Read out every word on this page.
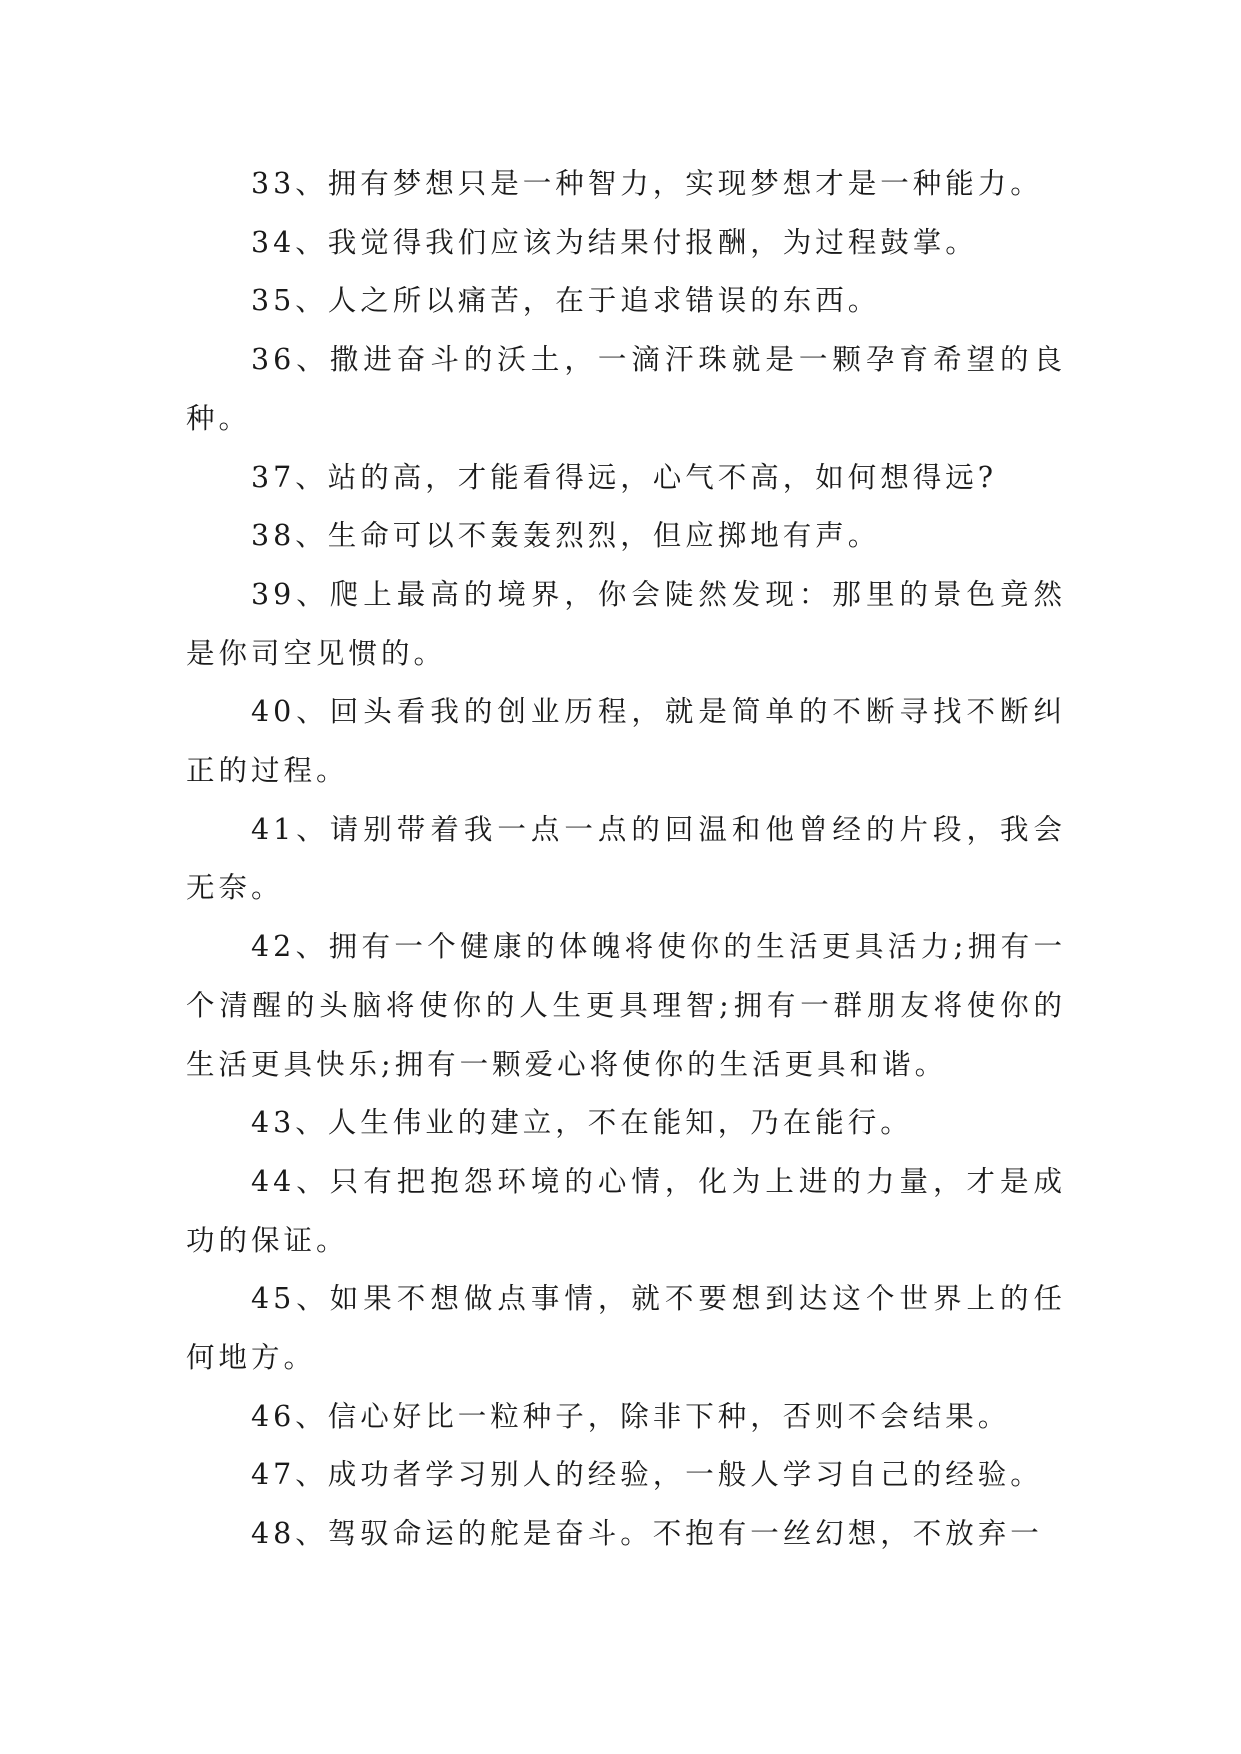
33、拥有梦想只是一种智力，实现梦想才是一种能力。

34、我觉得我们应该为结果付报酬，为过程鼓掌。

35、人之所以痛苦，在于追求错误的东西。

36、撒进奋斗的沃土，一滴汗珠就是一颗孕育希望的良种。

37、站的高，才能看得远，心气不高，如何想得远?

38、生命可以不轰轰烈烈，但应掷地有声。

39、爬上最高的境界，你会陡然发现：那里的景色竟然是你司空见惯的。

40、回头看我的创业历程，就是简单的不断寻找不断纠正的过程。

41、请别带着我一点一点的回温和他曾经的片段，我会无奈。

42、拥有一个健康的体魄将使你的生活更具活力;拥有一个清醒的头脑将使你的人生更具理智;拥有一群朋友将使你的生活更具快乐;拥有一颗爱心将使你的生活更具和谐。

43、人生伟业的建立，不在能知，乃在能行。

44、只有把抱怨环境的心情，化为上进的力量，才是成功的保证。

45、如果不想做点事情，就不要想到达这个世界上的任何地方。

46、信心好比一粒种子，除非下种，否则不会结果。

47、成功者学习别人的经验，一般人学习自己的经验。

48、驾驭命运的舵是奋斗。不抱有一丝幻想，不放弃一
